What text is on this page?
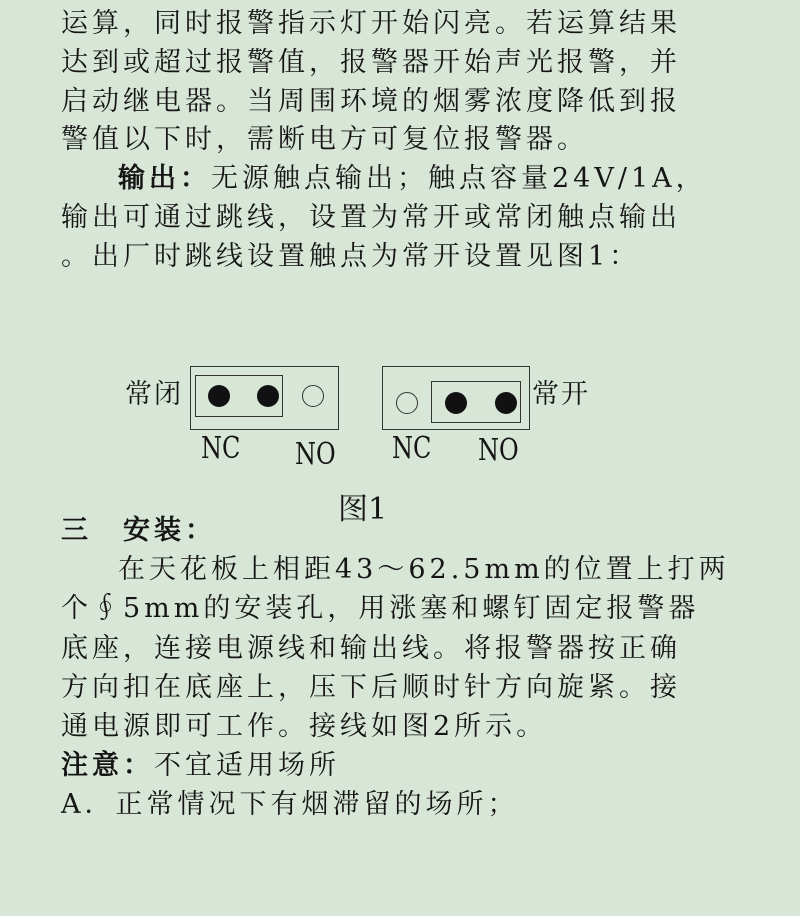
运算，同时报警指示灯开始闪亮。若运算结果
达到或超过报警值，报警器开始声光报警，并
启动继电器。当周围环境的烟雾浓度降低到报
警值以下时，需断电方可复位报警器。
输出：无源触点输出；触点容量24V/1A，
输出可通过跳线，设置为常开或常闭触点输出
。出厂时跳线设置触点为常开设置见图1：
常闭
NC NO NC NO
常开
图1
三　安装：
在天花板上相距43～62.5mm的位置上打两
个∮5mm的安装孔，用涨塞和螺钉固定报警器
底座，连接电源线和输出线。将报警器按正确
方向扣在底座上，压下后顺时针方向旋紧。接
通电源即可工作。接线如图2所示。
注意：不宜适用场所
A．正常情况下有烟滞留的场所；
